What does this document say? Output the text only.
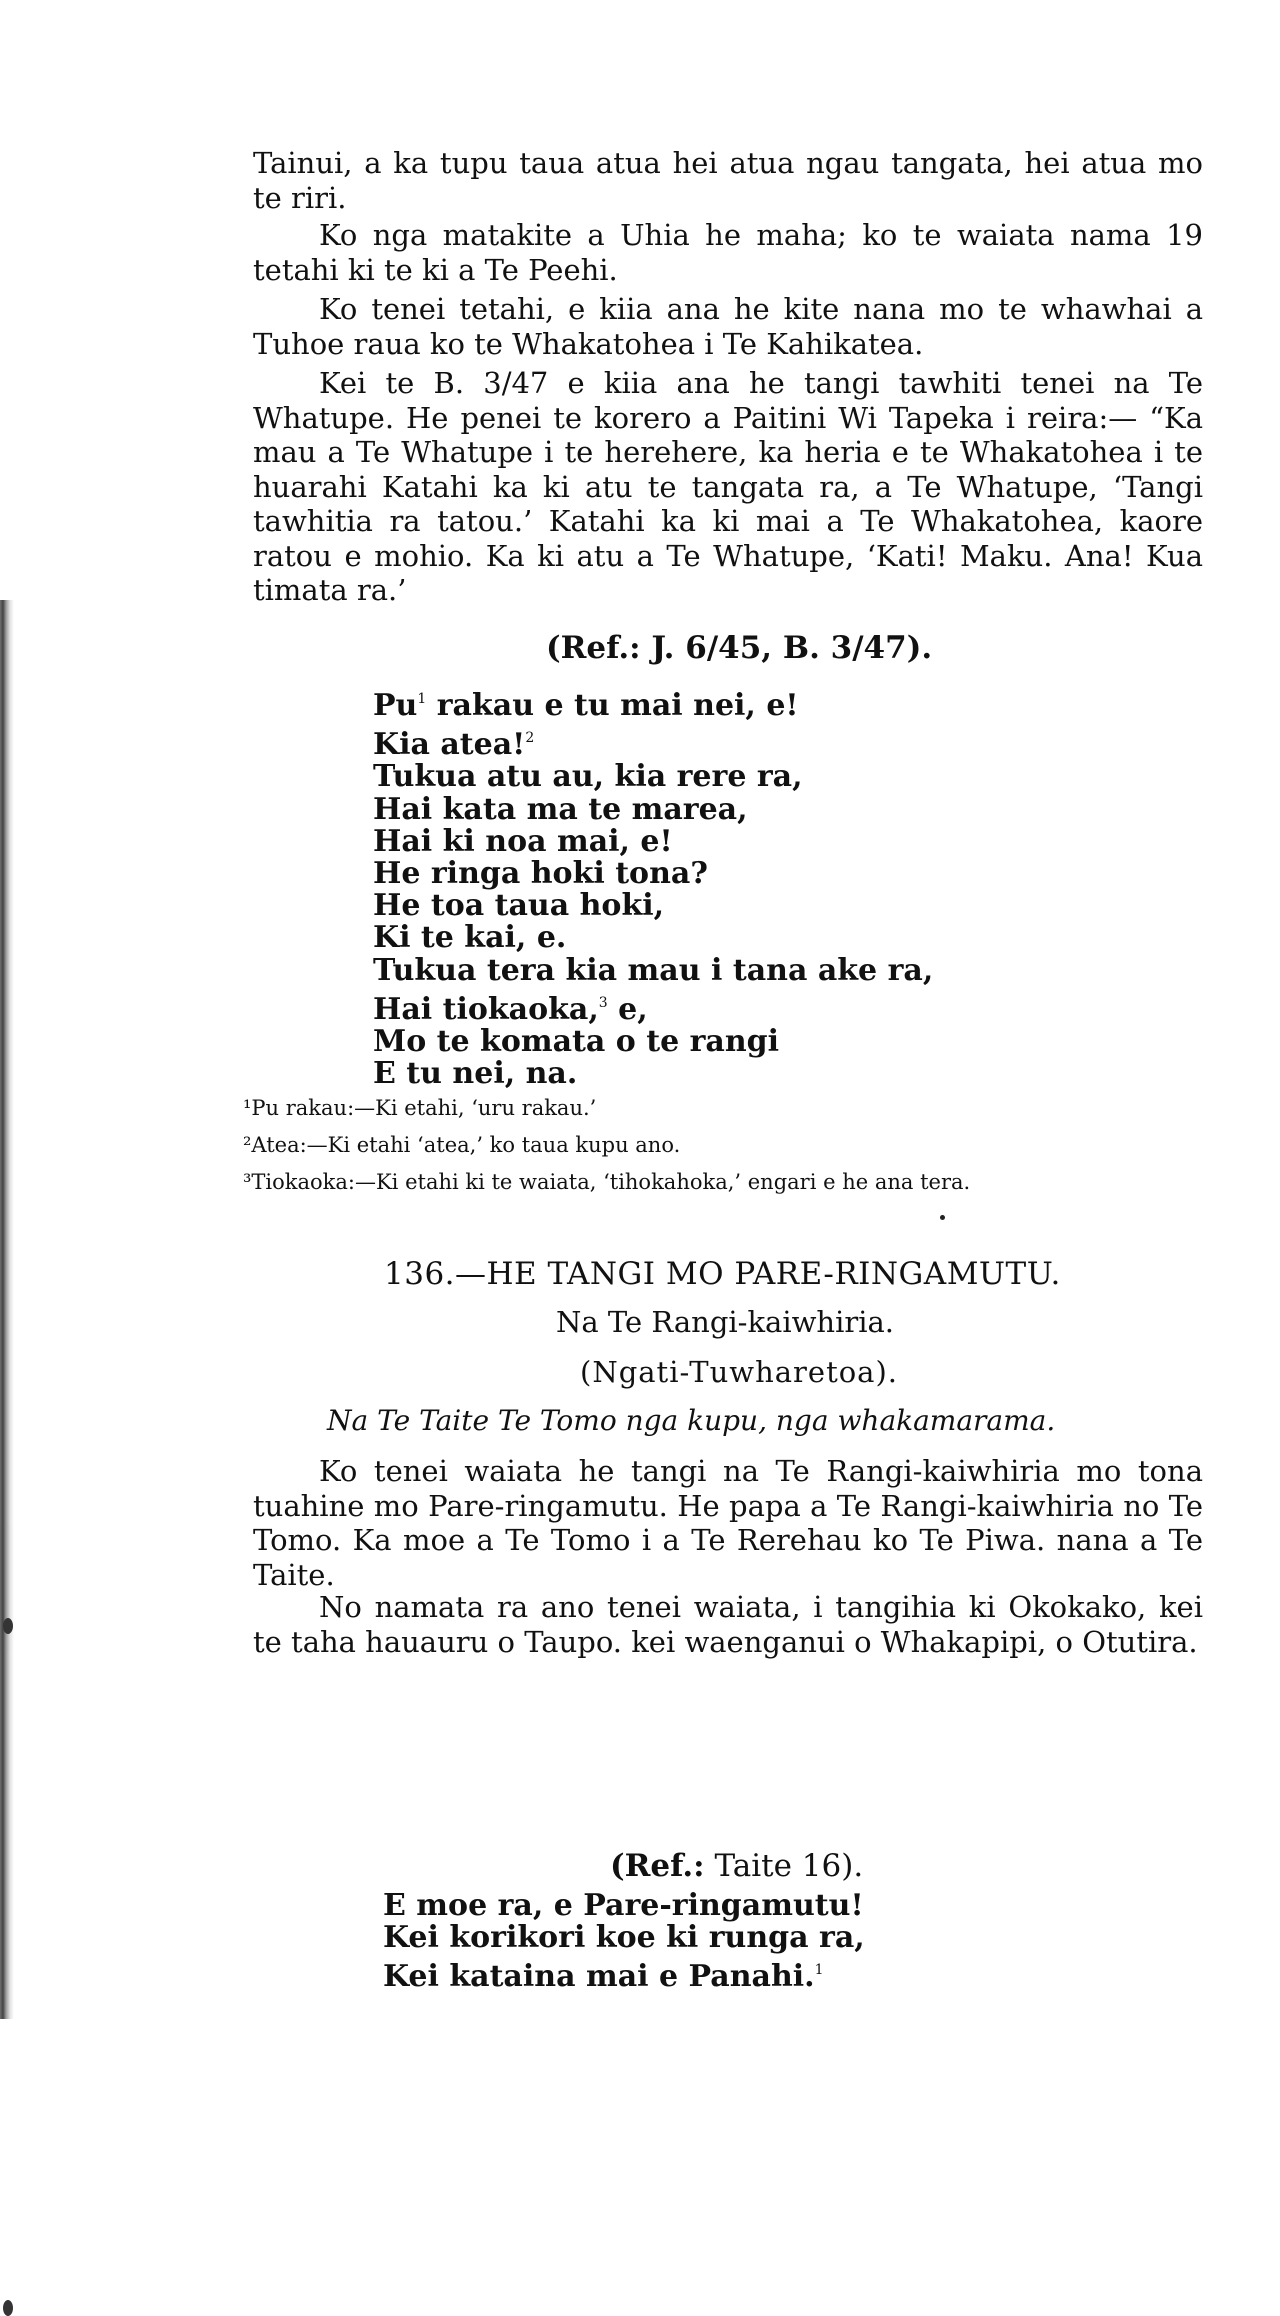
Tainui, a ka tupu taua atua hei atua ngau tangata, hei atua mo te riri.

Ko nga matakite a Uhia he maha; ko te waiata nama 19 tetahi ki te ki a Te Peehi.

Ko tenei tetahi, e kiia ana he kite nana mo te whawhai a Tuhoe raua ko te Whakatohea i Te Kahikatea.

Kei te B. 3/47 e kiia ana he tangi tawhiti tenei na Te Whatupe. He penei te korero a Paitini Wi Tapeka i reira:— “Ka mau a Te Whatupe i te herehere, ka heria e te Whakatohea i te huarahi Katahi ka ki atu te tangata ra, a Te Whatupe, ‘Tangi tawhitia ra tatou.’ Katahi ka ki mai a Te Whakatohea, kaore ratou e mohio. Ka ki atu a Te Whatupe, ‘Kati! Maku. Ana! Kua timata ra.’

(Ref.: J. 6/45, B. 3/47).
Pu$^1$ rakau e tu mai nei, e!
Kia atea!$^2$
Tukua atu au, kia rere ra,
Hai kata ma te marea,
Hai ki noa mai, e!
He ringa hoki tona?
He toa taua hoki,
Ki te kai, e.
Tukua tera kia mau i tana ake ra,
Hai tiokaoka,$^3$ e,
Mo te komata o te rangi
E tu nei, na.
¹Pu rakau:—Ki etahi, ‘uru rakau.’
²Atea:—Ki etahi ‘atea,’ ko taua kupu ano.
³Tiokaoka:—Ki etahi ki te waiata, ‘tihokahoka,’ engari e he ana tera.
136.—HE TANGI MO PARE-RINGAMUTU.
Na Te Rangi-kaiwhiria.
(Ngati-Tuwharetoa).
Na Te Taite Te Tomo nga kupu, nga whakamarama.

Ko tenei waiata he tangi na Te Rangi-kaiwhiria mo tona tuahine mo Pare-ringamutu. He papa a Te Rangi-kaiwhiria no Te Tomo. Ka moe a Te Tomo i a Te Rerehau ko Te Piwa. nana a Te Taite.

No namata ra ano tenei waiata, i tangihia ki Okokako, kei te taha hauauru o Taupo. kei waenganui o Whakapipi, o Otutira.

(Ref.: Taite 16).
E moe ra, e Pare-ringamutu!
Kei korikori koe ki runga ra,
Kei kataina mai e Panahi.$^1$
